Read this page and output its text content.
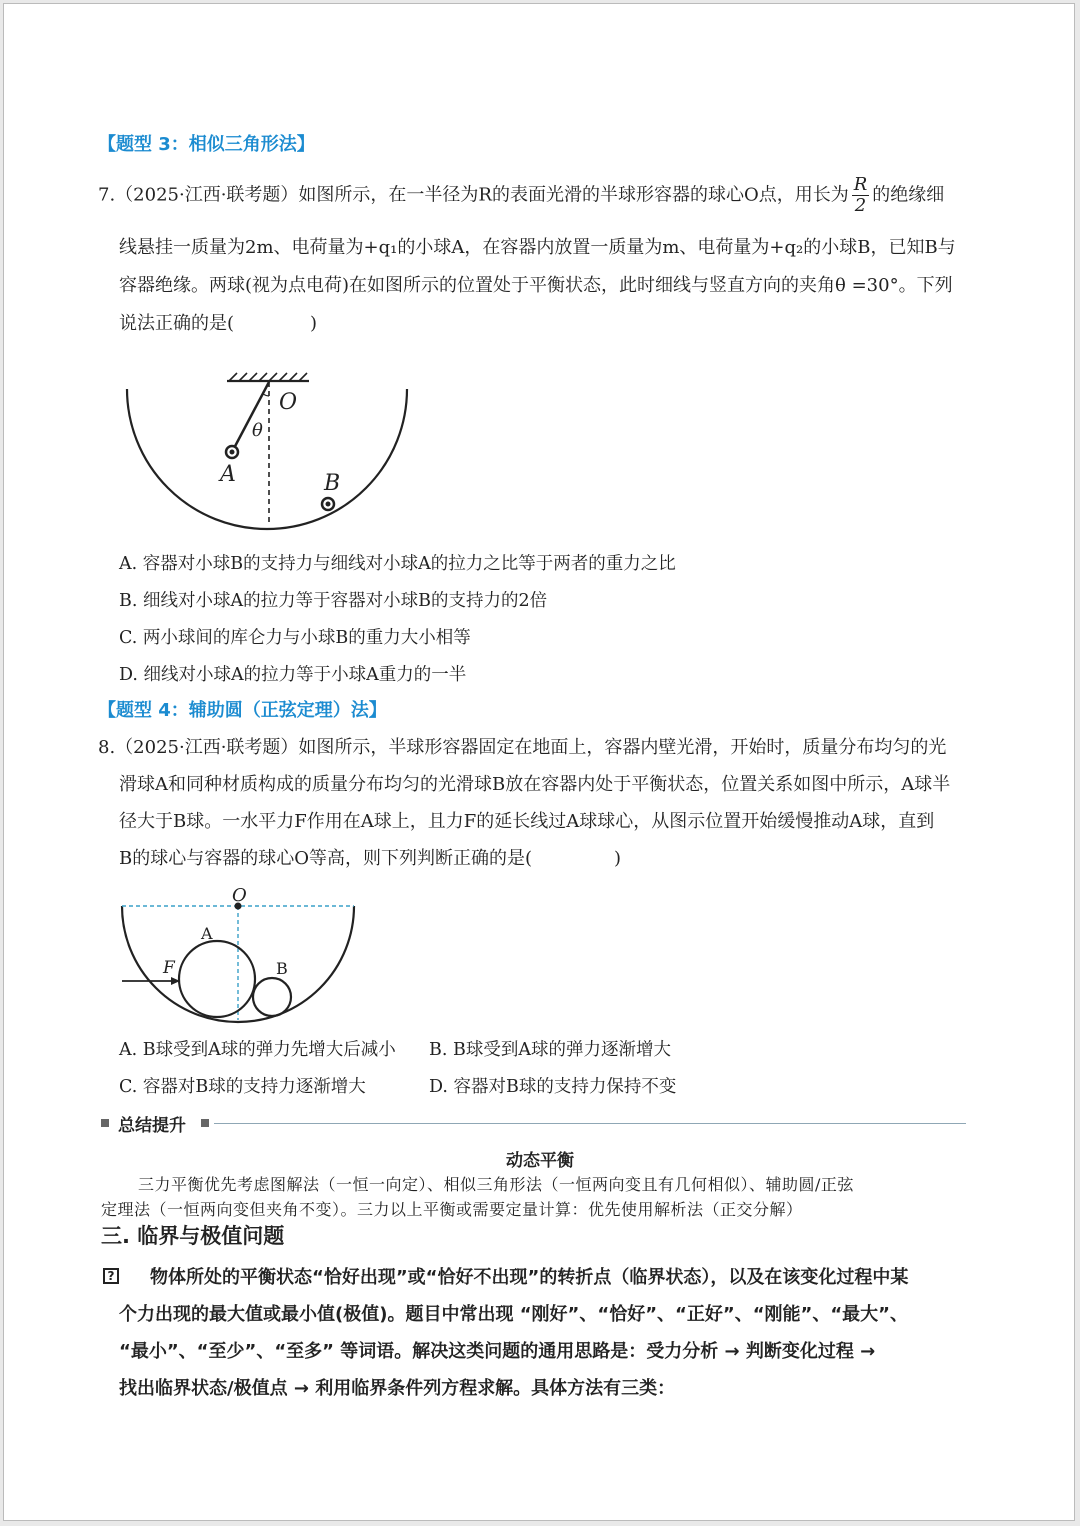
【题型 3：相似三角形法】
7.（2025·江西·联考题）如图所示，在一半径为R的表面光滑的半球形容器的球心O点，用长为 $\frac{R}{2}$ 的绝缘细
线悬挂一质量为2m、电荷量为+q₁的小球A，在容器内放置一质量为m、电荷量为+q₂的小球B，已知B与
容器绝缘。两球(视为点电荷)在如图所示的位置处于平衡状态，此时细线与竖直方向的夹角θ =30°。下列
说法正确的是(	)
O
θ
A	B
A. 容器对小球B的支持力与细线对小球A的拉力之比等于两者的重力之比
B. 细线对小球A的拉力等于容器对小球B的支持力的2倍
C. 两小球间的库仑力与小球B的重力大小相等
D. 细线对小球A的拉力等于小球A重力的一半
【题型 4：辅助圆（正弦定理）法】
8.（2025·江西·联考题）如图所示，半球形容器固定在地面上，容器内壁光滑，开始时，质量分布均匀的光
滑球A和同种材质构成的质量分布均匀的光滑球B放在容器内处于平衡状态，位置关系如图中所示，A球半
径大于B球。一水平力F作用在A球上，且力F的延长线过A球球心，从图示位置开始缓慢推动A球，直到
B的球心与容器的球心O等高，则下列判断正确的是(	)
O
A
B
F
A. B球受到A球的弹力先增大后减小 B. B球受到A球的弹力逐渐增大
C. 容器对B球的支持力逐渐增大	D. 容器对B球的支持力保持不变
总结提升
动态平衡
三力平衡优先考虑图解法（一恒一向定）、相似三角形法（一恒两向变且有几何相似）、辅助圆/正弦
定理法（一恒两向变但夹角不变）。三力以上平衡或需要定量计算：优先使用解析法（正交分解）
三. 临界与极值问题
? 物体所处的平衡状态“恰好出现”或“恰好不出现”的转折点（临界状态），以及在该变化过程中某
个力出现的最大值或最小值(极值)。题目中常出现 “刚好”、“恰好”、“正好”、“刚能”、“最大”、
“最小”、“至少”、“至多” 等词语。解决这类问题的通用思路是：受力分析 → 判断变化过程 →
找出临界状态/极值点 → 利用临界条件列方程求解。具体方法有三类：
